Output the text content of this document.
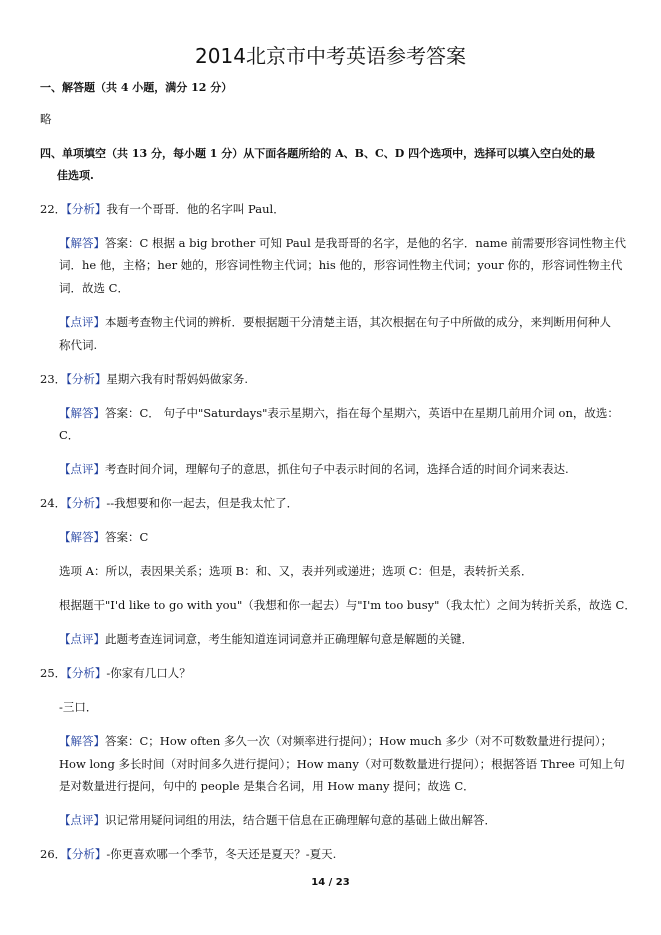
2014北京市中考英语参考答案
一、解答题（共 4 小题，满分 12 分）
略
四、单项填空（共 13 分，每小题 1 分）从下面各题所给的 A、B、C、D 四个选项中，选择可以填入空白处的最
佳选项.
22．【分析】我有一个哥哥．他的名字叫 Paul．
【解答】答案：C 根据 a big brother 可知 Paul 是我哥哥的名字，是他的名字．name 前需要形容词性物主代
词．he 他，主格；her 她的，形容词性物主代词；his 他的，形容词性物主代词；your 你的，形容词性物主代
词．故选 C．
【点评】本题考查物主代词的辨析．要根据题干分清楚主语，其次根据在句子中所做的成分，来判断用何种人
称代词.
23．【分析】星期六我有时帮妈妈做家务.
【解答】答案：C． 句子中"Saturdays"表示星期六，指在每个星期六，英语中在星期几前用介词 on，故选：
C．
【点评】考查时间介词，理解句子的意思，抓住句子中表示时间的名词，选择合适的时间介词来表达.
24．【分析】--我想要和你一起去，但是我太忙了．
【解答】答案：C
选项 A：所以，表因果关系；选项 B：和、又，表并列或递进；选项 C：但是，表转折关系．
根据题干"I'd like to go with you"（我想和你一起去）与"I'm too busy"（我太忙）之间为转折关系，故选 C．
【点评】此题考查连词词意，考生能知道连词词意并正确理解句意是解题的关键．
25．【分析】-你家有几口人？
-三口．
【解答】答案：C；How often 多久一次（对频率进行提问）；How much 多少（对不可数数量进行提问）；
How long 多长时间（对时间多久进行提问）；How many（对可数数量进行提问）；根据答语 Three 可知上句
是对数量进行提问，句中的 people 是集合名词，用 How many 提问；故选 C．
【点评】识记常用疑问词组的用法，结合题干信息在正确理解句意的基础上做出解答．
26．【分析】-你更喜欢哪一个季节，冬天还是夏天？-夏天.
14 / 23
